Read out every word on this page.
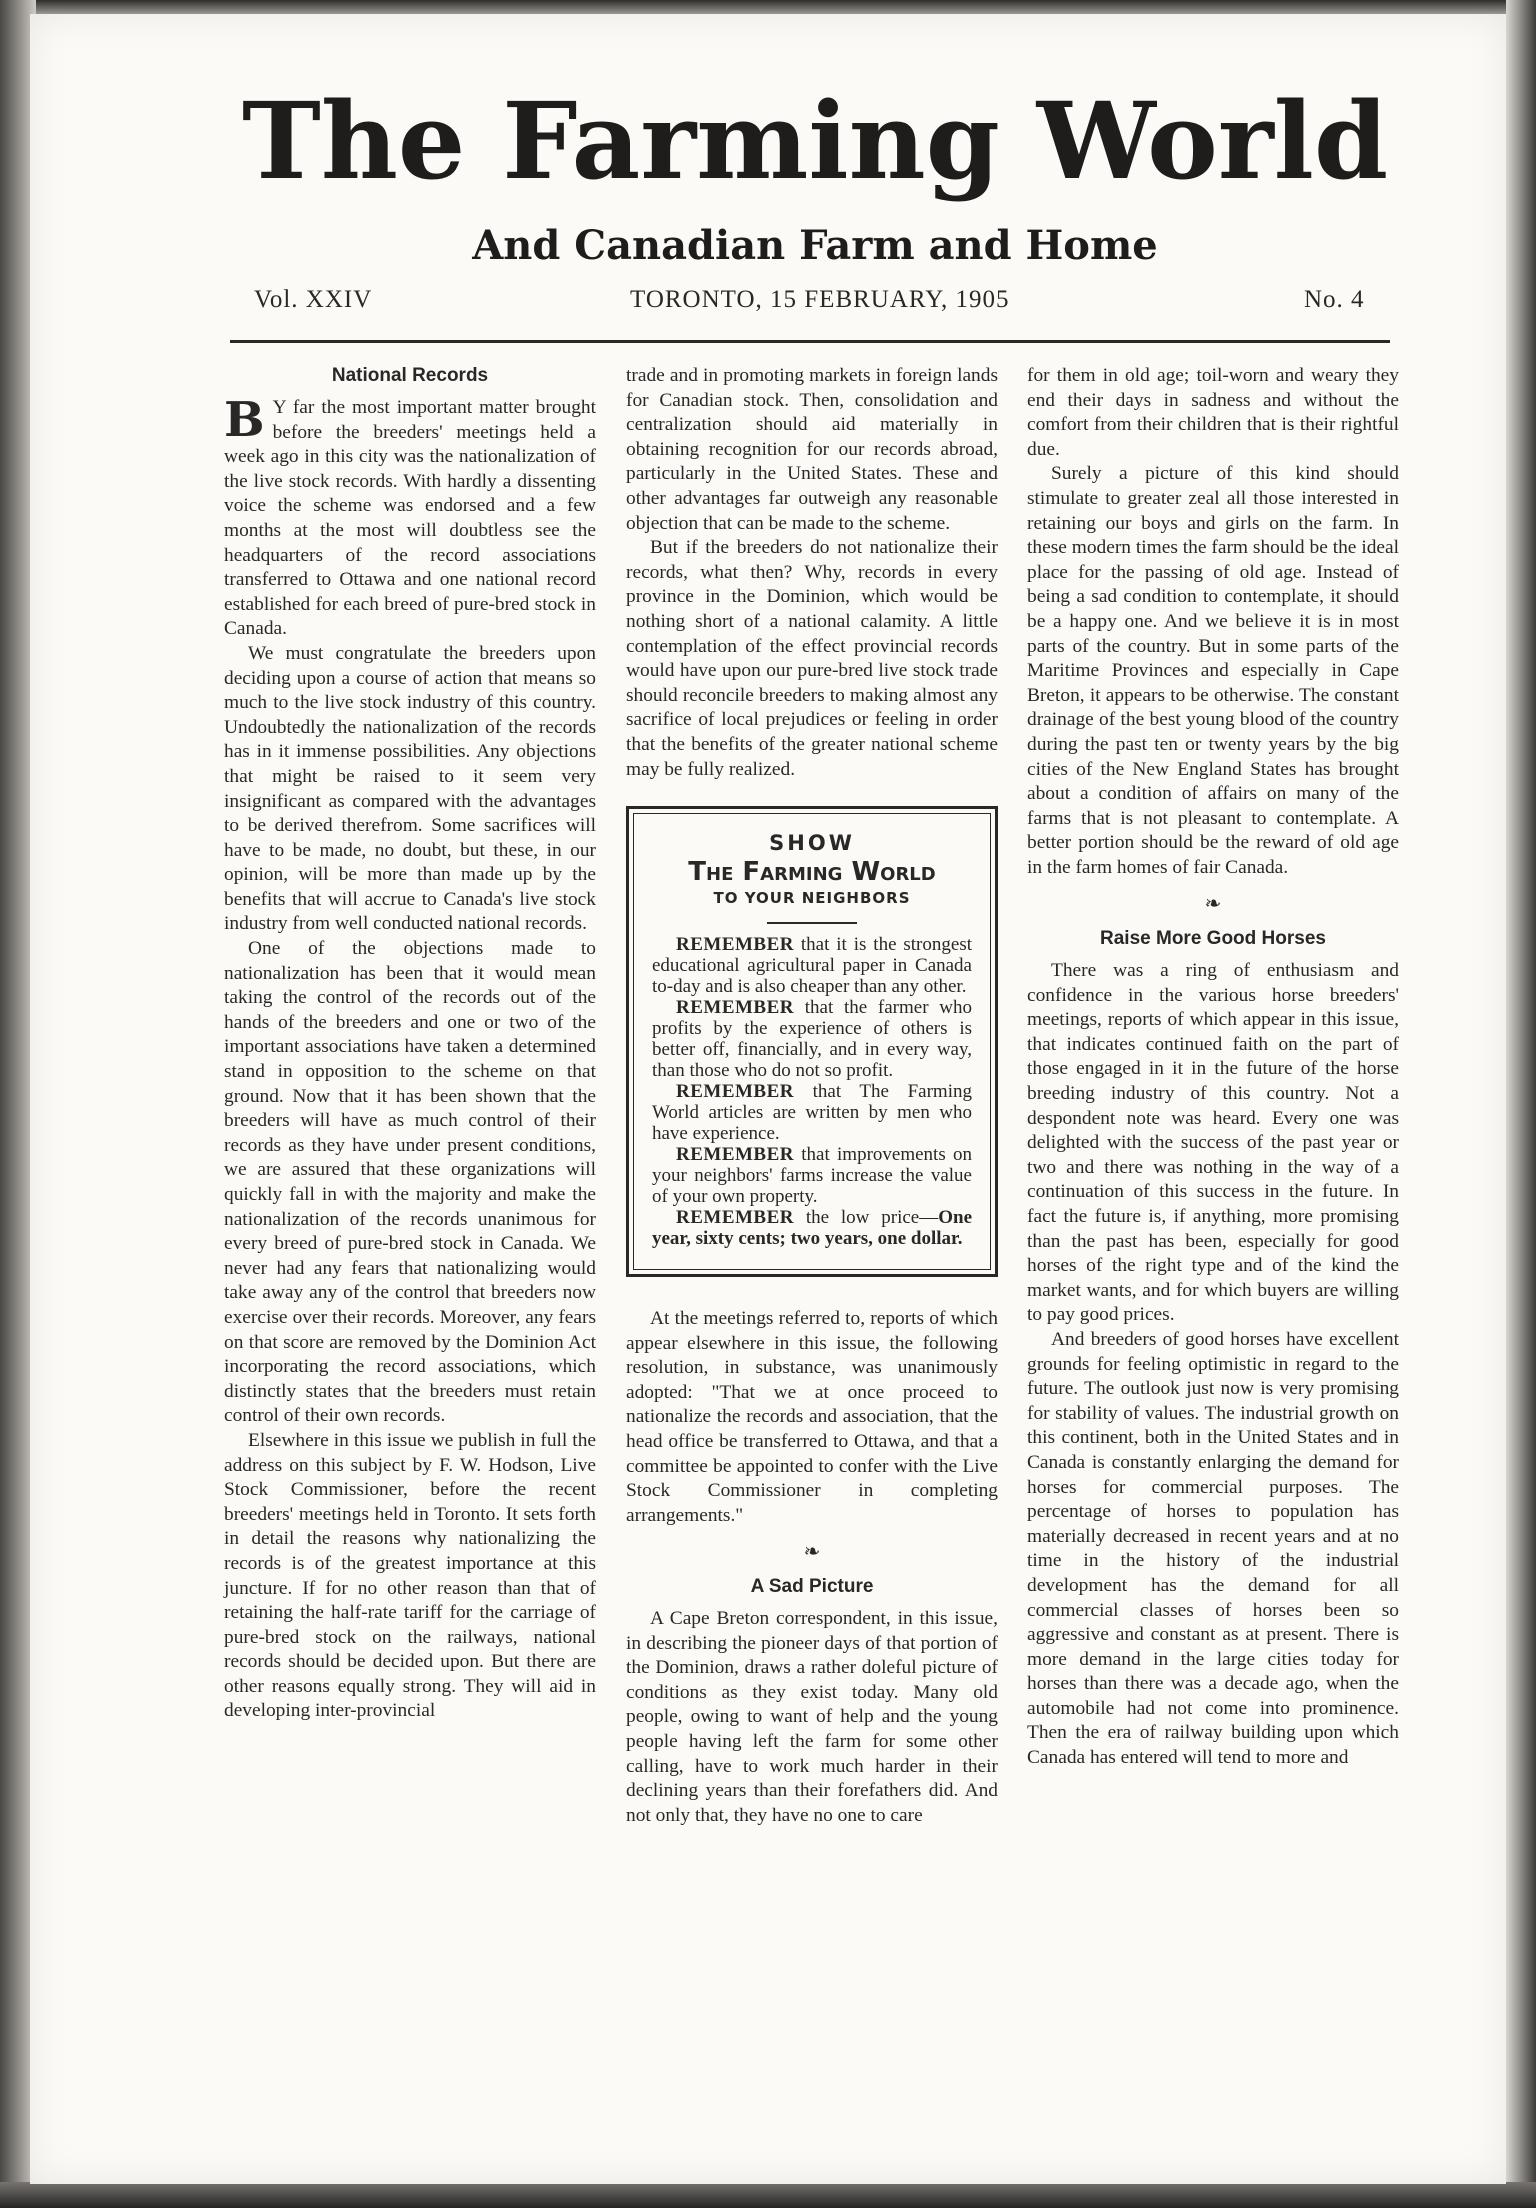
The Farming World
And Canadian Farm and Home
Vol. XXIV	TORONTO, 15 FEBRUARY, 1905	No. 4
National Records

B Y far the most important matter brought before the breeders' meetings held a week ago in this city was the nationalization of the live stock records. With hardly a dissenting voice the scheme was endorsed and a few months at the most will doubtless see the headquarters of the record associations transferred to Ottawa and one national record established for each breed of pure-bred stock in Canada.

We must congratulate the breeders upon deciding upon a course of action that means so much to the live stock industry of this country. Undoubtedly the nationalization of the records has in it immense possibilities. Any objections that might be raised to it seem very insignificant as compared with the advantages to be derived therefrom. Some sacrifices will have to be made, no doubt, but these, in our opinion, will be more than made up by the benefits that will accrue to Canada's live stock industry from well conducted national records.

One of the objections made to nationalization has been that it would mean taking the control of the records out of the hands of the breeders and one or two of the important associations have taken a determined stand in opposition to the scheme on that ground. Now that it has been shown that the breeders will have as much control of their records as they have under present conditions, we are assured that these organizations will quickly fall in with the majority and make the nationalization of the records unanimous for every breed of pure-bred stock in Canada. We never had any fears that nationalizing would take away any of the control that breeders now exercise over their records. Moreover, any fears on that score are removed by the Dominion Act incorporating the record associations, which distinctly states that the breeders must retain control of their own records.

Elsewhere in this issue we publish in full the address on this subject by F. W. Hodson, Live Stock Commissioner, before the recent breeders' meetings held in Toronto. It sets forth in detail the reasons why nationalizing the records is of the greatest importance at this juncture. If for no other reason than that of retaining the half-rate tariff for the carriage of pure-bred stock on the railways, national records should be decided upon. But there are other reasons equally strong. They will aid in developing inter-provincial

trade and in promoting markets in foreign lands for Canadian stock. Then, consolidation and centralization should aid materially in obtaining recognition for our records abroad, particularly in the United States. These and other advantages far outweigh any reasonable objection that can be made to the scheme.

But if the breeders do not nationalize their records, what then? Why, records in every province in the Dominion, which would be nothing short of a national calamity. A little contemplation of the effect provincial records would have upon our pure-bred live stock trade should reconcile breeders to making almost any sacrifice of local prejudices or feeling in order that the benefits of the greater national scheme may be fully realized.

SHOW
The Farming World
TO YOUR NEIGHBORS

REMEMBER that it is the strongest educational agricultural paper in Canada to-day and is also cheaper than any other.

REMEMBER that the farmer who profits by the experience of others is better off, financially, and in every way, than those who do not so profit.

REMEMBER that The Farming World articles are written by men who have experience.

REMEMBER that improvements on your neighbors' farms increase the value of your own property.

REMEMBER the low price—One year, sixty cents; two years, one dollar.

At the meetings referred to, reports of which appear elsewhere in this issue, the following resolution, in substance, was unanimously adopted: "That we at once proceed to nationalize the records and association, that the head office be transferred to Ottawa, and that a committee be appointed to confer with the Live Stock Commissioner in completing arrangements."

❧
A Sad Picture

A Cape Breton correspondent, in this issue, in describing the pioneer days of that portion of the Dominion, draws a rather doleful picture of conditions as they exist today. Many old people, owing to want of help and the young people having left the farm for some other calling, have to work much harder in their declining years than their forefathers did. And not only that, they have no one to care

for them in old age; toil-worn and weary they end their days in sadness and without the comfort from their children that is their rightful due.

Surely a picture of this kind should stimulate to greater zeal all those interested in retaining our boys and girls on the farm. In these modern times the farm should be the ideal place for the passing of old age. Instead of being a sad condition to contemplate, it should be a happy one. And we believe it is in most parts of the country. But in some parts of the Maritime Provinces and especially in Cape Breton, it appears to be otherwise. The constant drainage of the best young blood of the country during the past ten or twenty years by the big cities of the New England States has brought about a condition of affairs on many of the farms that is not pleasant to contemplate. A better portion should be the reward of old age in the farm homes of fair Canada.

❧
Raise More Good Horses

There was a ring of enthusiasm and confidence in the various horse breeders' meetings, reports of which appear in this issue, that indicates continued faith on the part of those engaged in it in the future of the horse breeding industry of this country. Not a despondent note was heard. Every one was delighted with the success of the past year or two and there was nothing in the way of a continuation of this success in the future. In fact the future is, if anything, more promising than the past has been, especially for good horses of the right type and of the kind the market wants, and for which buyers are willing to pay good prices.

And breeders of good horses have excellent grounds for feeling optimistic in regard to the future. The outlook just now is very promising for stability of values. The industrial growth on this continent, both in the United States and in Canada is constantly enlarging the demand for horses for commercial purposes. The percentage of horses to population has materially decreased in recent years and at no time in the history of the industrial development has the demand for all commercial classes of horses been so aggressive and constant as at present. There is more demand in the large cities today for horses than there was a decade ago, when the automobile had not come into prominence. Then the era of railway building upon which Canada has entered will tend to more and
